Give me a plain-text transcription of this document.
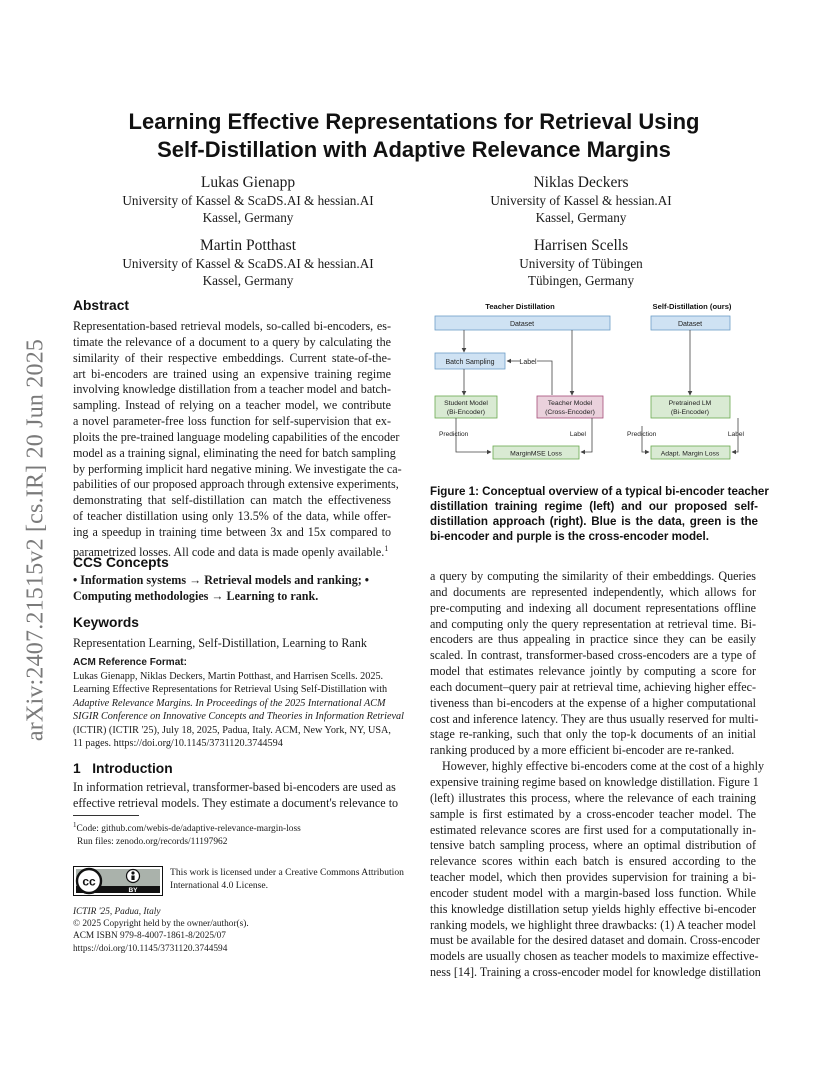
arXiv:2407.21515v2 [cs.IR] 20 Jun 2025
Learning Effective Representations for Retrieval Using
Self-Distillation with Adaptive Relevance Margins
Lukas Gienapp
University of Kassel & ScaDS.AI & hessian.AI
Kassel, Germany
Niklas Deckers
University of Kassel & hessian.AI
Kassel, Germany
Martin Potthast
University of Kassel & ScaDS.AI & hessian.AI
Kassel, Germany
Harrisen Scells
University of Tübingen
Tübingen, Germany
Abstract
Representation-based retrieval models, so-called bi-encoders, es-
timate the relevance of a document to a query by calculating the
similarity of their respective embeddings. Current state-of-the-
art bi-encoders are trained using an expensive training regime
involving knowledge distillation from a teacher model and batch-
sampling. Instead of relying on a teacher model, we contribute
a novel parameter-free loss function for self-supervision that ex-
ploits the pre-trained language modeling capabilities of the encoder
model as a training signal, eliminating the need for batch sampling
by performing implicit hard negative mining. We investigate the ca-
pabilities of our proposed approach through extensive experiments,
demonstrating that self-distillation can match the effectiveness
of teacher distillation using only 13.5% of the data, while offer-
ing a speedup in training time between 3x and 15x compared to
parametrized losses. All code and data is made openly available.$^1$
CCS Concepts
• Information systems → Retrieval models and ranking; •
Computing methodologies → Learning to rank.
Keywords
Representation Learning, Self-Distillation, Learning to Rank
ACM Reference Format:
Lukas Gienapp, Niklas Deckers, Martin Potthast, and Harrisen Scells. 2025.
Learning Effective Representations for Retrieval Using Self-Distillation with
Adaptive Relevance Margins. In Proceedings of the 2025 International ACM
SIGIR Conference on Innovative Concepts and Theories in Information Retrieval
(ICTIR) (ICTIR '25), July 18, 2025, Padua, Italy. ACM, New York, NY, USA,
11 pages. https://doi.org/10.1145/3731120.3744594
1 Introduction
In information retrieval, transformer-based bi-encoders are used as
effective retrieval models. They estimate a document's relevance to
$^1$Code: github.com/webis-de/adaptive-relevance-margin-loss
Run files: zenodo.org/records/11197962
cc
BY
This work is licensed under a Creative Commons Attribution
International 4.0 License.
ICTIR '25, Padua, Italy
© 2025 Copyright held by the owner/author(s).
ACM ISBN 979-8-4007-1861-8/2025/07
https://doi.org/10.1145/3731120.3744594
Teacher Distillation	Self-Distillation (ours)
Dataset
Batch Sampling	Label
Student Model
(Bi-Encoder)
Teacher Model
(Cross-Encoder)
Prediction	Label
MarginMSE Loss
Dataset
Pretrained LM
(Bi-Encoder)
Prediction	Label
Adapt. Margin Loss
Figure 1: Conceptual overview of a typical bi-encoder teacher
distillation training regime (left) and our proposed self-
distillation approach (right). Blue is the data, green is the
bi-encoder and purple is the cross-encoder model.
a query by computing the similarity of their embeddings. Queries
and documents are represented independently, which allows for
pre-computing and indexing all document representations offline
and computing only the query representation at retrieval time. Bi-
encoders are thus appealing in practice since they can be easily
scaled. In contrast, transformer-based cross-encoders are a type of
model that estimates relevance jointly by computing a score for
each document–query pair at retrieval time, achieving higher effec-
tiveness than bi-encoders at the expense of a higher computational
cost and inference latency. They are thus usually reserved for multi-
stage re-ranking, such that only the top-k documents of an initial
ranking produced by a more efficient bi-encoder are re-ranked.
However, highly effective bi-encoders come at the cost of a highly
expensive training regime based on knowledge distillation. Figure 1
(left) illustrates this process, where the relevance of each training
sample is first estimated by a cross-encoder teacher model. The
estimated relevance scores are first used for a computationally in-
tensive batch sampling process, where an optimal distribution of
relevance scores within each batch is ensured according to the
teacher model, which then provides supervision for training a bi-
encoder student model with a margin-based loss function. While
this knowledge distillation setup yields highly effective bi-encoder
ranking models, we highlight three drawbacks: (1) A teacher model
must be available for the desired dataset and domain. Cross-encoder
models are usually chosen as teacher models to maximize effective-
ness [14]. Training a cross-encoder model for knowledge distillation
